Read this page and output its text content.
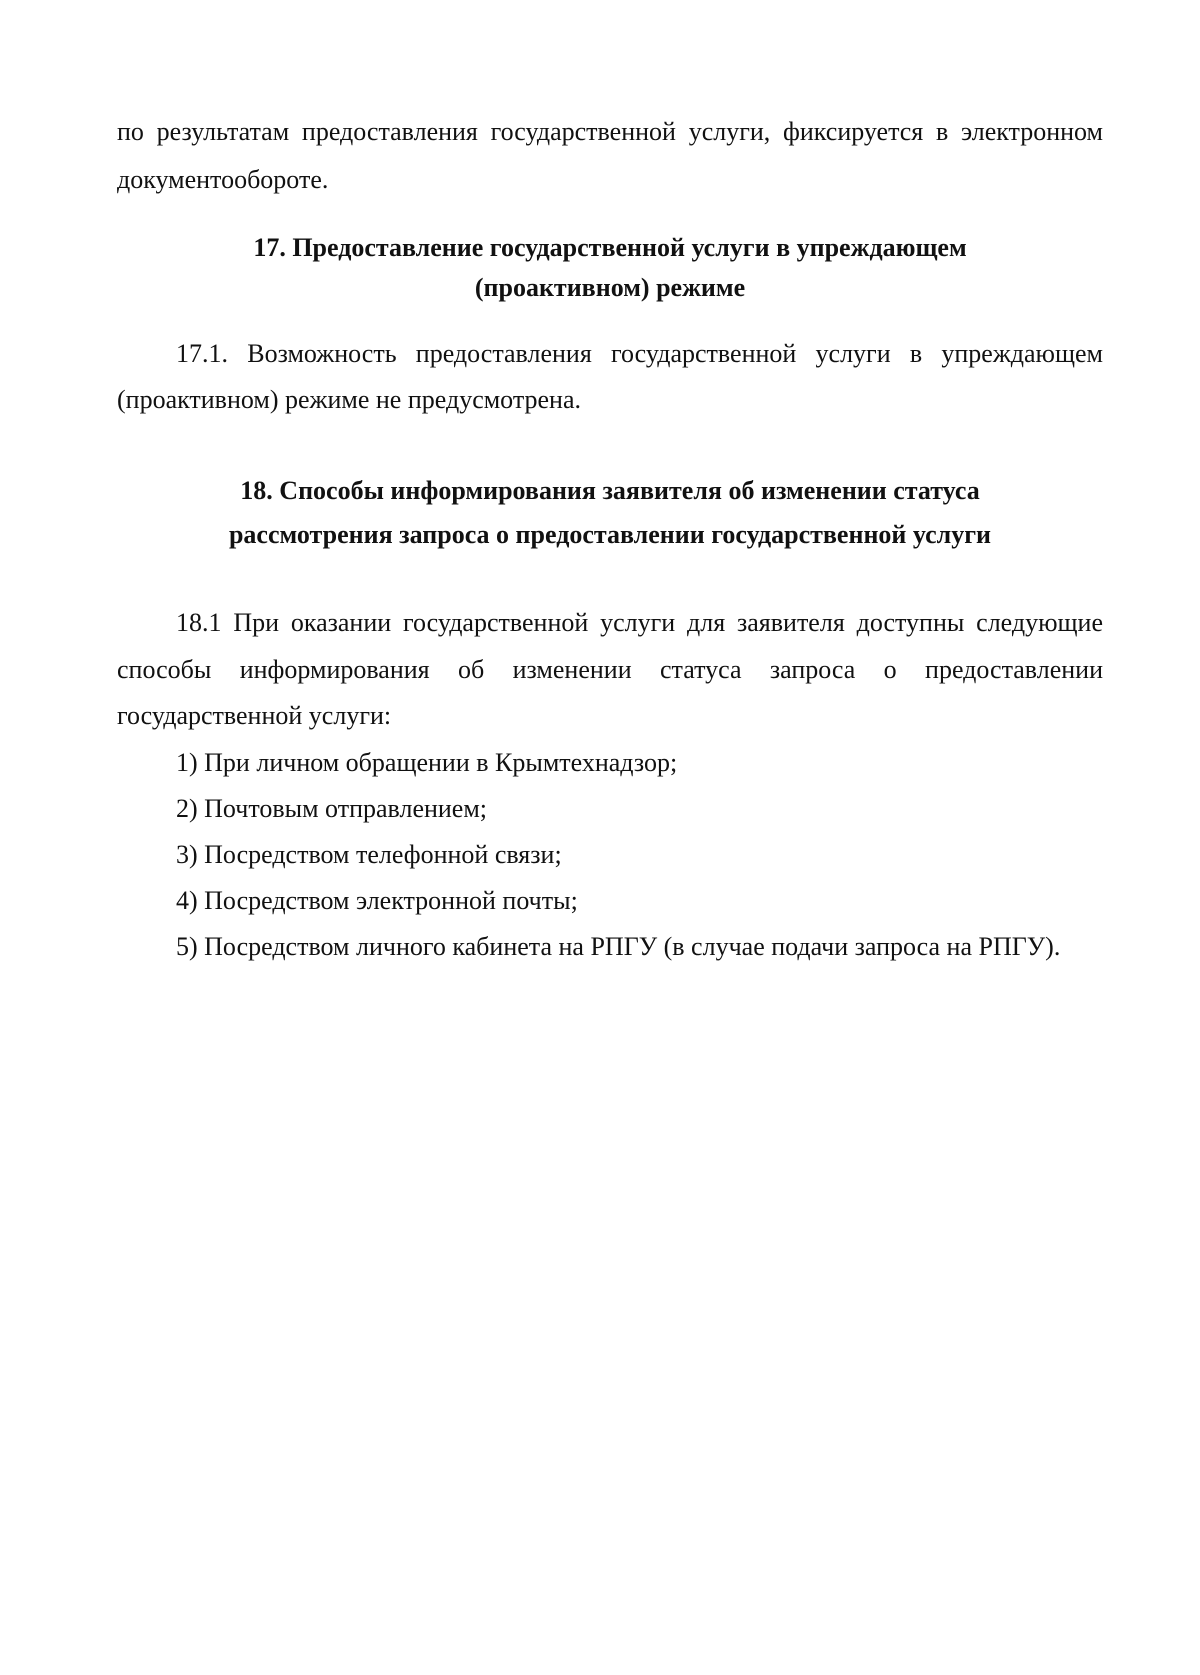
по результатам предоставления государственной услуги, фиксируется в электронном
документообороте.
17. Предоставление государственной услуги в упреждающем
(проактивном) режиме
17.1. Возможность предоставления государственной услуги в упреждающем
(проактивном) режиме не предусмотрена.
18. Способы информирования заявителя об изменении статуса
рассмотрения запроса о предоставлении государственной услуги
18.1 При оказании государственной услуги для заявителя доступны следующие
способы информирования об изменении статуса запроса о предоставлении
государственной услуги:
1) При личном обращении в Крымтехнадзор;
2) Почтовым отправлением;
3) Посредством телефонной связи;
4) Посредством электронной почты;
5) Посредством личного кабинета на РПГУ (в случае подачи запроса на РПГУ).
